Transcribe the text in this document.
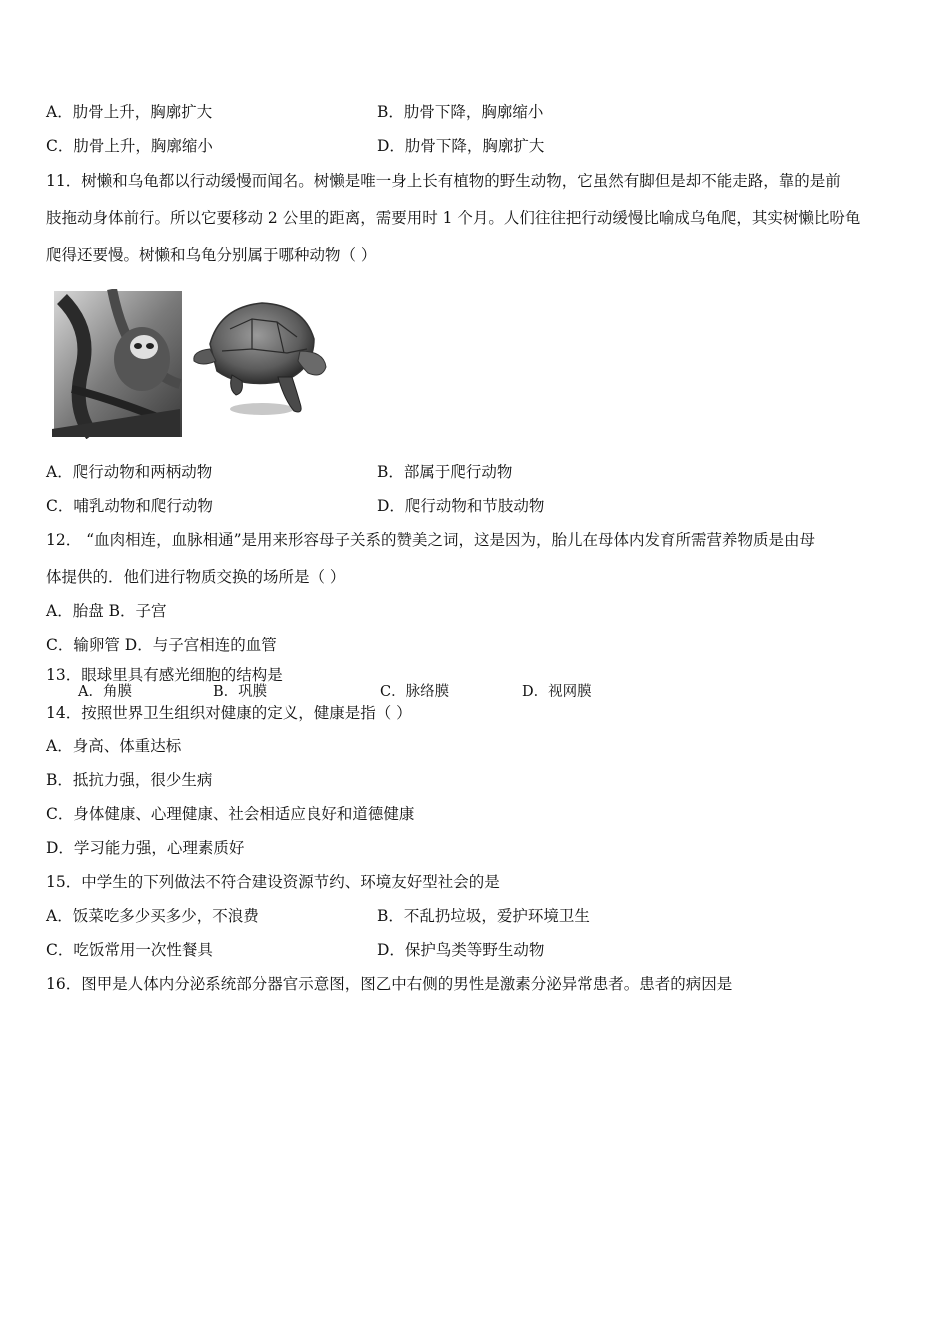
A．肋骨上升，胸廓扩大	B．肋骨下降，胸廓缩小
C．肋骨上升，胸廓缩小	D．肋骨下降，胸廓扩大
11．树懒和乌龟都以行动缓慢而闻名。树懒是唯一身上长有植物的野生动物，它虽然有脚但是却不能走路，靠的是前
肢拖动身体前行。所以它要移动 2 公里的距离，需要用时 1 个月。人们往往把行动缓慢比喻成乌龟爬，其实树懒比吩龟
爬得还要慢。树懒和乌龟分别属于哪种动物（ ）
A．爬行动物和两柄动物	B．部属于爬行动物
C．哺乳动物和爬行动物	D．爬行动物和节肢动物
12． “血肉相连，血脉相通”是用来形容母子关系的赞美之词，这是因为，胎儿在母体内发育所需营养物质是由母
体提供的．他们进行物质交换的场所是（ ）
A．胎盘 B．子宫
C．输卵管 D．与子宫相连的血管
13．眼球里具有感光细胞的结构是
A．角膜	B．巩膜	C．脉络膜	D．视网膜
14．按照世界卫生组织对健康的定义，健康是指（ ）
A．身高、体重达标
B．抵抗力强，很少生病
C．身体健康、心理健康、社会相适应良好和道德健康
D．学习能力强，心理素质好
15．中学生的下列做法不符合建设资源节约、环境友好型社会的是
A．饭菜吃多少买多少，不浪费	B．不乱扔垃圾，爱护环境卫生
C．吃饭常用一次性餐具	D．保护鸟类等野生动物
16．图甲是人体内分泌系统部分器官示意图，图乙中右侧的男性是激素分泌异常患者。患者的病因是
